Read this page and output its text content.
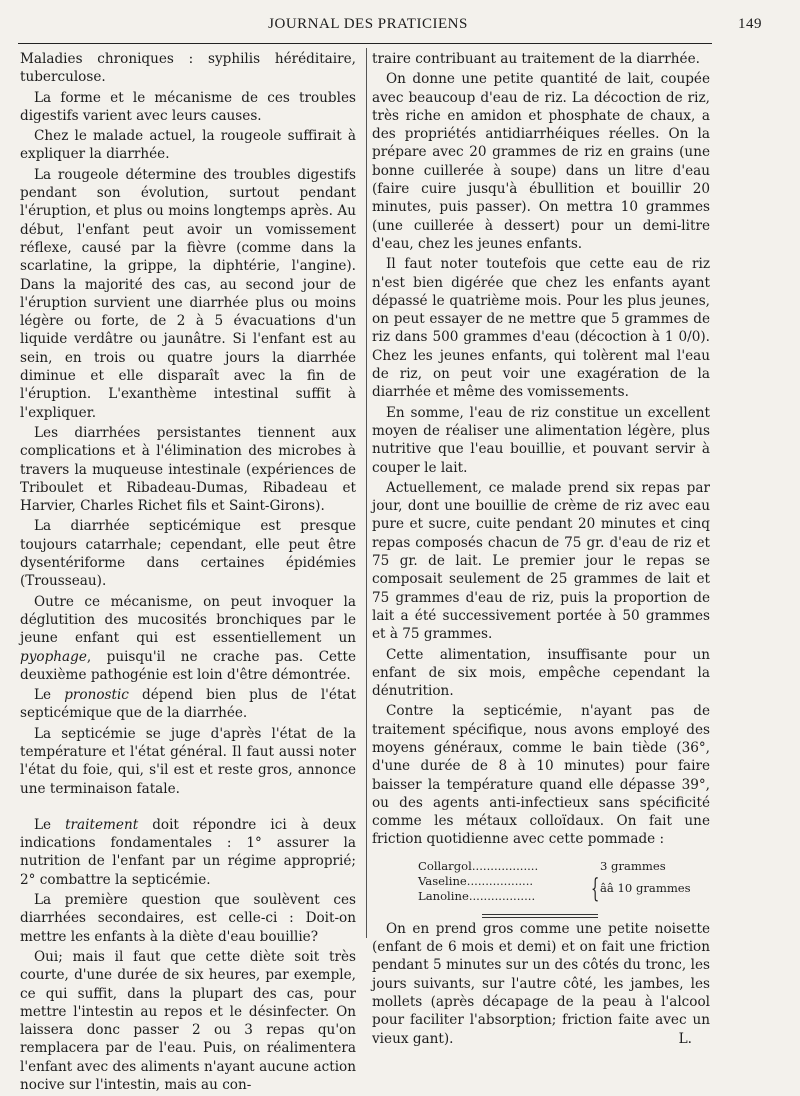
JOURNAL DES PRATICIENS	149

Maladies chroniques : syphilis héréditaire, tuberculose.

La forme et le mécanisme de ces troubles digestifs varient avec leurs causes.

Chez le malade actuel, la rougeole suffirait à expliquer la diarrhée.

La rougeole détermine des troubles digestifs pendant son évolution, surtout pendant l'éruption, et plus ou moins longtemps après. Au début, l'enfant peut avoir un vomissement réflexe, causé par la fièvre (comme dans la scarlatine, la grippe, la diphtérie, l'angine). Dans la majorité des cas, au second jour de l'éruption survient une diarrhée plus ou moins légère ou forte, de 2 à 5 évacuations d'un liquide verdâtre ou jaunâtre. Si l'enfant est au sein, en trois ou quatre jours la diarrhée diminue et elle disparaît avec la fin de l'éruption. L'exanthème intestinal suffit à l'expliquer.

Les diarrhées persistantes tiennent aux complications et à l'élimination des microbes à travers la muqueuse intestinale (expériences de Triboulet et Ribadeau-Dumas, Ribadeau et Harvier, Charles Richet fils et Saint-Girons).

La diarrhée septicémique est presque toujours catarrhale; cependant, elle peut être dysentériforme dans certaines épidémies (Trousseau).

Outre ce mécanisme, on peut invoquer la déglutition des mucosités bronchiques par le jeune enfant qui est essentiellement un pyophage, puisqu'il ne crache pas. Cette deuxième pathogénie est loin d'être démontrée.

Le pronostic dépend bien plus de l'état septicémique que de la diarrhée.

La septicémie se juge d'après l'état de la température et l'état général. Il faut aussi noter l'état du foie, qui, s'il est et reste gros, annonce une terminaison fatale.

Le traitement doit répondre ici à deux indications fondamentales : 1° assurer la nutrition de l'enfant par un régime approprié; 2° combattre la septicémie.

La première question que soulèvent ces diarrhées secondaires, est celle-ci : Doit-on mettre les enfants à la diète d'eau bouillie?

Oui; mais il faut que cette diète soit très courte, d'une durée de six heures, par exemple, ce qui suffit, dans la plupart des cas, pour mettre l'intestin au repos et le désinfecter. On laissera donc passer 2 ou 3 repas qu'on remplacera par de l'eau. Puis, on réalimentera l'enfant avec des aliments n'ayant aucune action nocive sur l'intestin, mais au con-

traire contribuant au traitement de la diarrhée.

On donne une petite quantité de lait, coupée avec beaucoup d'eau de riz. La décoction de riz, très riche en amidon et phosphate de chaux, a des propriétés antidiarrhéiques réelles. On la prépare avec 20 grammes de riz en grains (une bonne cuillerée à soupe) dans un litre d'eau (faire cuire jusqu'à ébullition et bouillir 20 minutes, puis passer). On mettra 10 grammes (une cuillerée à dessert) pour un demi-litre d'eau, chez les jeunes enfants.

Il faut noter toutefois que cette eau de riz n'est bien digérée que chez les enfants ayant dépassé le quatrième mois. Pour les plus jeunes, on peut essayer de ne mettre que 5 grammes de riz dans 500 grammes d'eau (décoction à 1 0/0). Chez les jeunes enfants, qui tolèrent mal l'eau de riz, on peut voir une exagération de la diarrhée et même des vomissements.

En somme, l'eau de riz constitue un excellent moyen de réaliser une alimentation légère, plus nutritive que l'eau bouillie, et pouvant servir à couper le lait.

Actuellement, ce malade prend six repas par jour, dont une bouillie de crème de riz avec eau pure et sucre, cuite pendant 20 minutes et cinq repas composés chacun de 75 gr. d'eau de riz et 75 gr. de lait. Le premier jour le repas se composait seulement de 25 grammes de lait et 75 grammes d'eau de riz, puis la proportion de lait a été successivement portée à 50 grammes et à 75 grammes.

Cette alimentation, insuffisante pour un enfant de six mois, empêche cependant la dénutrition.

Contre la septicémie, n'ayant pas de traitement spécifique, nous avons employé des moyens généraux, comme le bain tiède (36°, d'une durée de 8 à 10 minutes) pour faire baisser la température quand elle dépasse 39°, ou des agents anti-infectieux sans spécificité comme les métaux colloïdaux. On fait une friction quotidienne avec cette pommade :

Collargol..................	3 grammes
Vaseline..................	{ ââ 10 grammes
Lanoline..................

On en prend gros comme une petite noisette (enfant de 6 mois et demi) et on fait une friction pendant 5 minutes sur un des côtés du tronc, les jours suivants, sur l'autre côté, les jambes, les mollets (après décapage de la peau à l'alcool pour faciliter l'absorption; friction faite avec un vieux gant).	L.
